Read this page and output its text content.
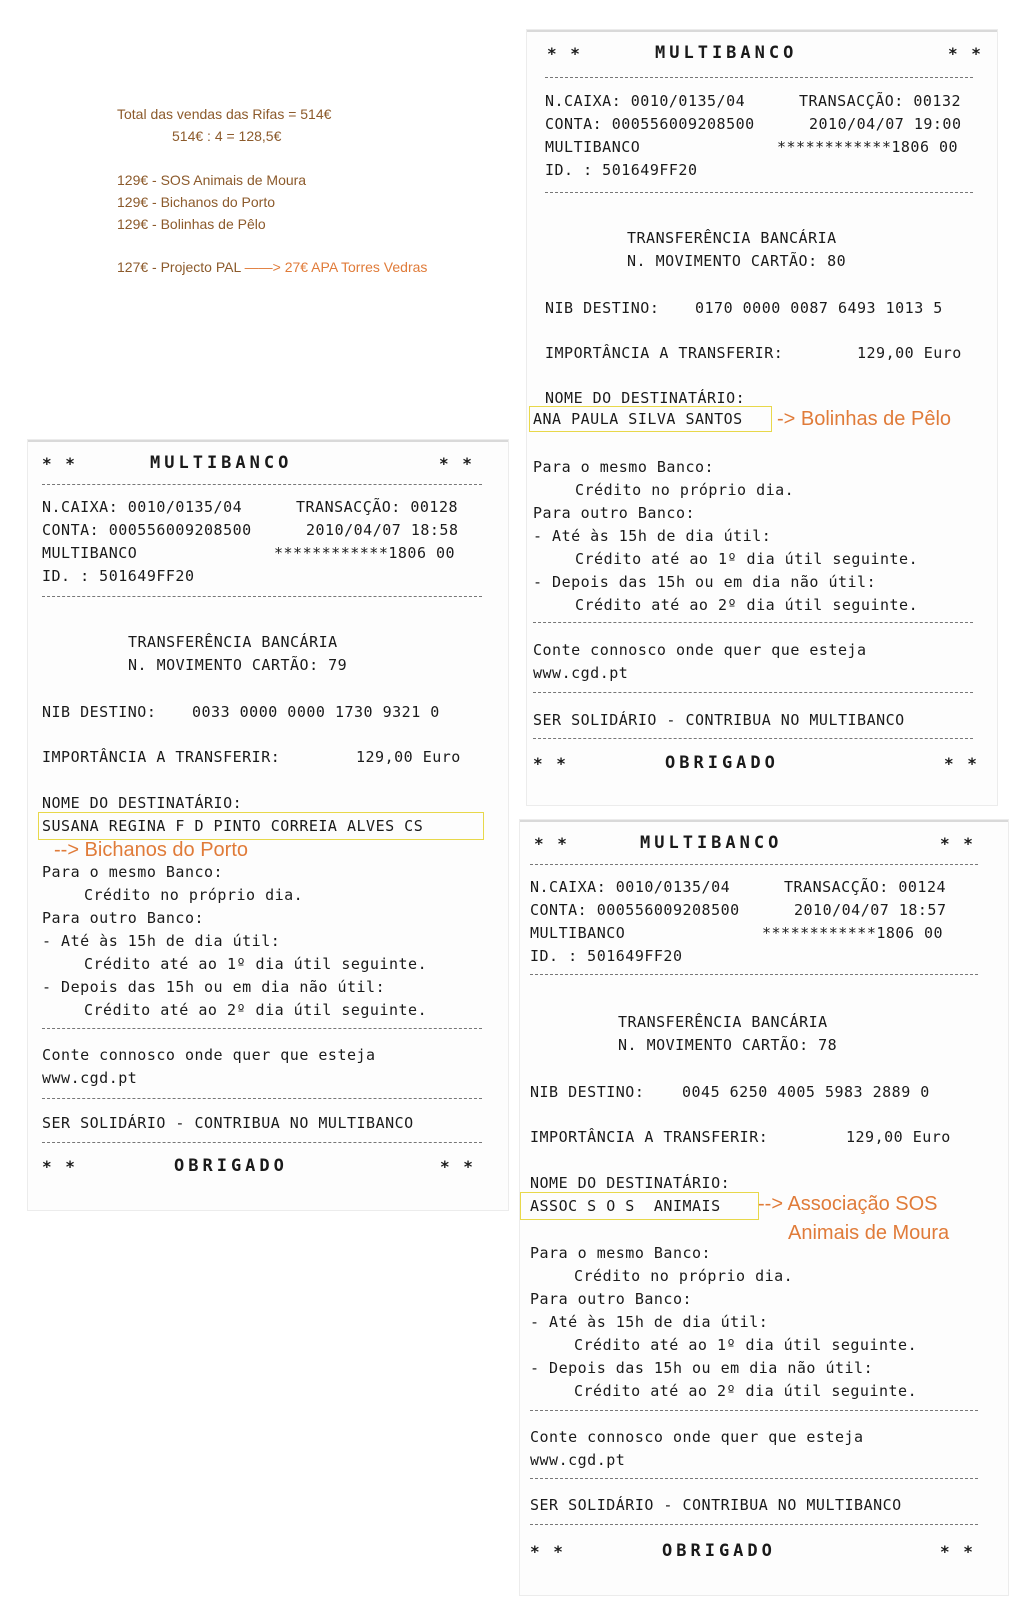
Total das vendas das Rifas = 514€
514€ : 4 = 128,5€
129€ - SOS Animais de Moura
129€ - Bichanos do Porto
129€ - Bolinhas de Pêlo
127€ - Projecto PAL ——> 27€ APA Torres Vedras
* *	MULTIBANCO	* *
N.CAIXA: 0010/0135/04	TRANSACÇÃO: 00132
CONTA: 000556009208500	2010/04/07 19:00
MULTIBANCO	************1806 00
ID. : 501649FF20
TRANSFERÊNCIA BANCÁRIA
N. MOVIMENTO CARTÃO: 80
NIB DESTINO: 0170 0000 0087 6493 1013 5
IMPORTÂNCIA A TRANSFERIR:	129,00 Euro
NOME DO DESTINATÁRIO:
ANA PAULA SILVA SANTOS -> Bolinhas de Pêlo
Para o mesmo Banco:
Crédito no próprio dia.
Para outro Banco:
- Até às 15h de dia útil:
Crédito até ao 1º dia útil seguinte.
- Depois das 15h ou em dia não útil:
Crédito até ao 2º dia útil seguinte.
Conte connosco onde quer que esteja
www.cgd.pt
SER SOLIDÁRIO - CONTRIBUA NO MULTIBANCO
* *	OBRIGADO	* *
* *	MULTIBANCO	* *
N.CAIXA: 0010/0135/04	TRANSACÇÃO: 00128
CONTA: 000556009208500	2010/04/07 18:58
MULTIBANCO	************1806 00
ID. : 501649FF20
TRANSFERÊNCIA BANCÁRIA
N. MOVIMENTO CARTÃO: 79
NIB DESTINO: 0033 0000 0000 1730 9321 0
IMPORTÂNCIA A TRANSFERIR:	129,00 Euro
NOME DO DESTINATÁRIO:
SUSANA REGINA F D PINTO CORREIA ALVES CS
--> Bichanos do Porto
Para o mesmo Banco:
Crédito no próprio dia.
Para outro Banco:
- Até às 15h de dia útil:
Crédito até ao 1º dia útil seguinte.
- Depois das 15h ou em dia não útil:
Crédito até ao 2º dia útil seguinte.
Conte connosco onde quer que esteja
www.cgd.pt
SER SOLIDÁRIO - CONTRIBUA NO MULTIBANCO
* *	OBRIGADO	* *
* *	MULTIBANCO	* *
N.CAIXA: 0010/0135/04	TRANSACÇÃO: 00124
CONTA: 000556009208500	2010/04/07 18:57
MULTIBANCO	************1806 00
ID. : 501649FF20
TRANSFERÊNCIA BANCÁRIA
N. MOVIMENTO CARTÃO: 78
NIB DESTINO:	0045 6250 4005 5983 2889 0
IMPORTÂNCIA A TRANSFERIR:	129,00 Euro
NOME DO DESTINATÁRIO:
ASSOC S O S  ANIMAIS --> Associação SOS
Animais de Moura
Para o mesmo Banco:
Crédito no próprio dia.
Para outro Banco:
- Até às 15h de dia útil:
Crédito até ao 1º dia útil seguinte.
- Depois das 15h ou em dia não útil:
Crédito até ao 2º dia útil seguinte.
Conte connosco onde quer que esteja
www.cgd.pt
SER SOLIDÁRIO - CONTRIBUA NO MULTIBANCO
* *	OBRIGADO	* *
